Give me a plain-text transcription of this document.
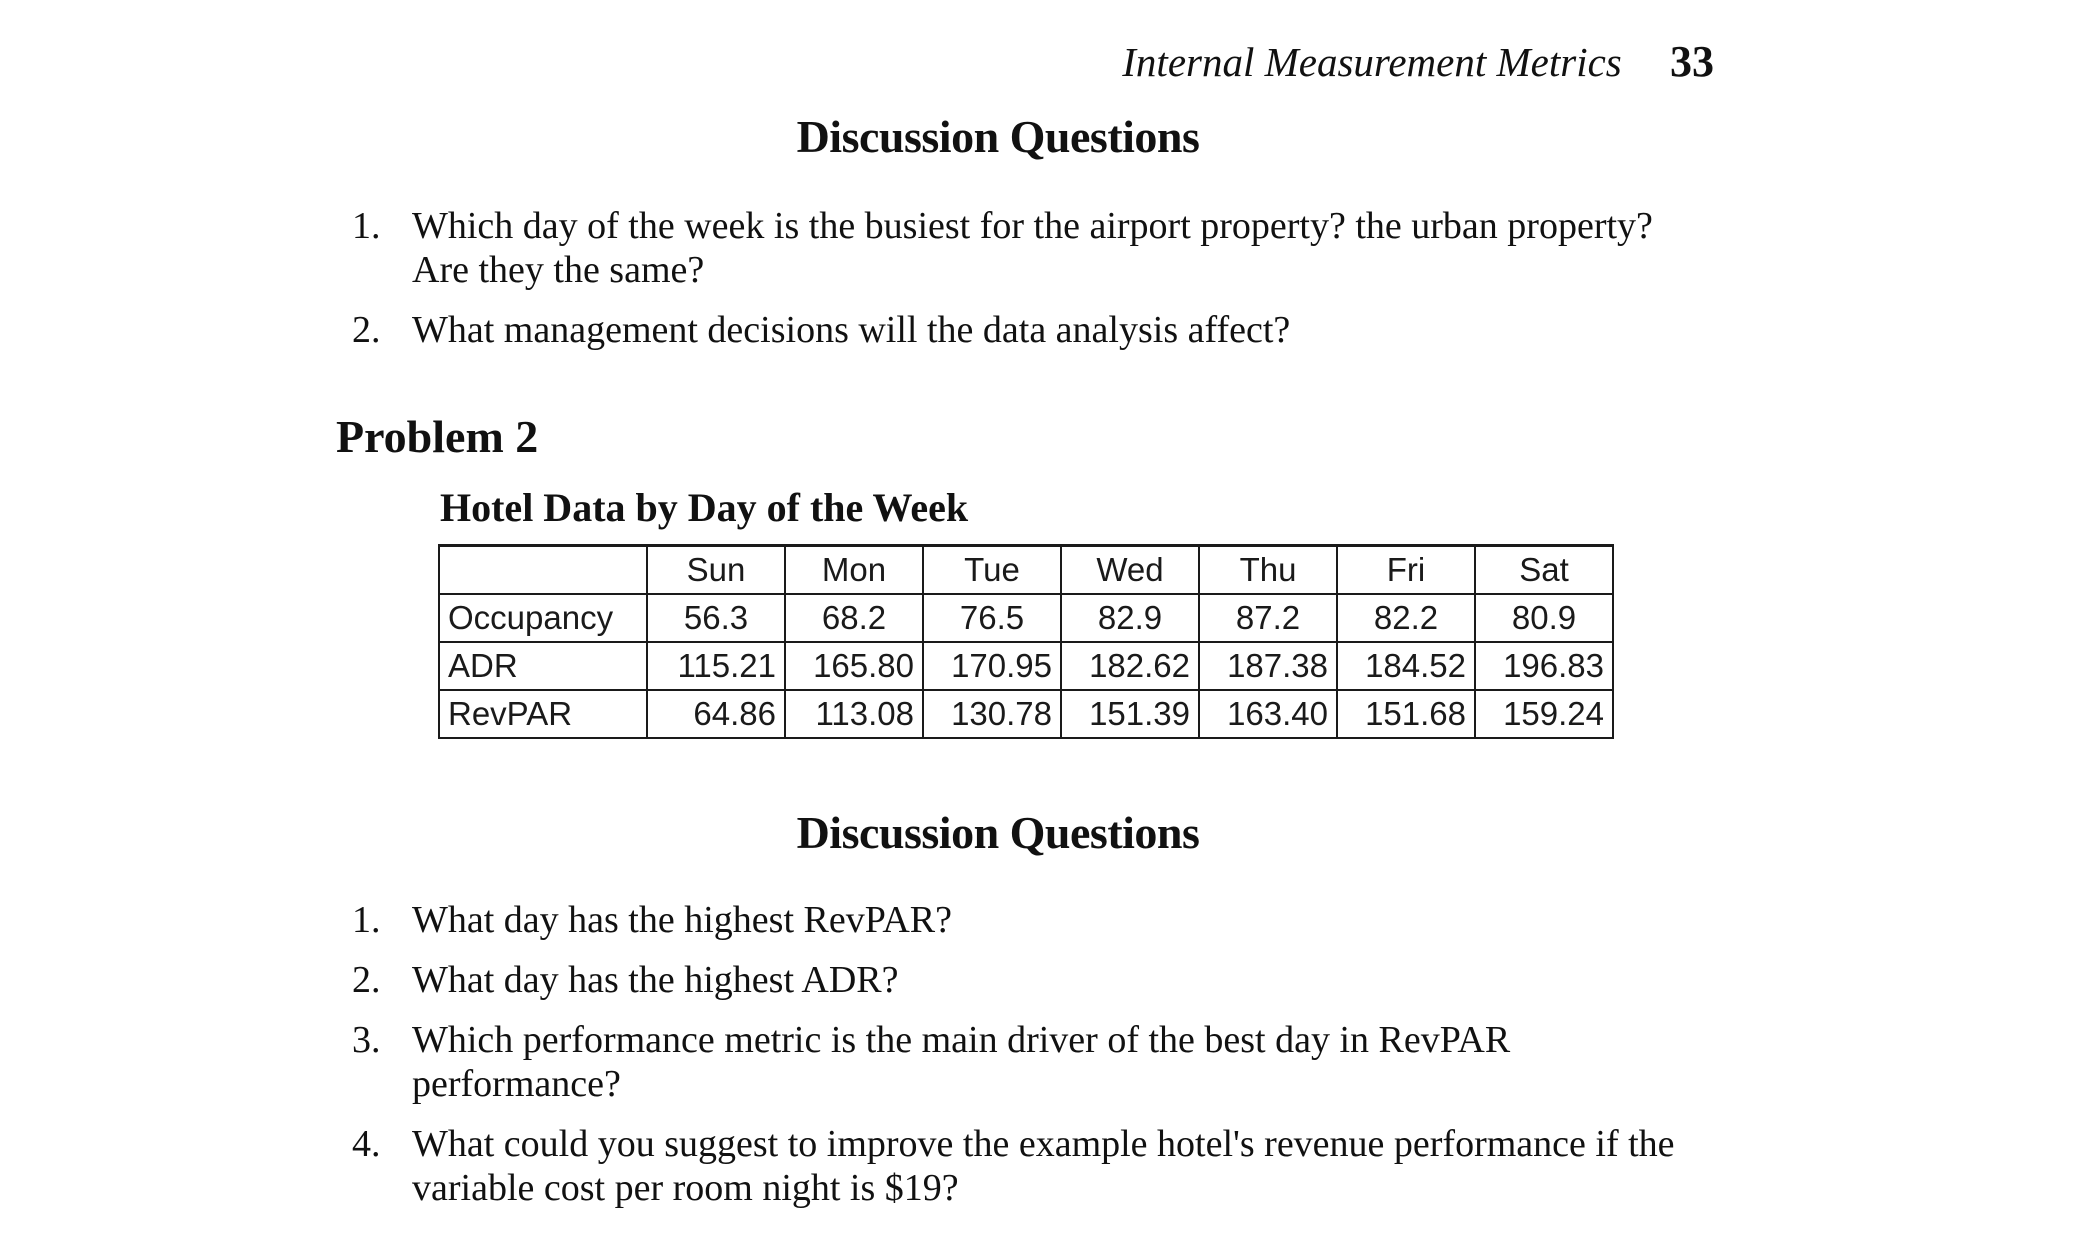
Internal Measurement Metrics 33
Discussion Questions
1. Which day of the week is the busiest for the airport property? the urban property? Are they the same?
2. What management decisions will the data analysis affect?
Problem 2
Hotel Data by Day of the Week
	Sun	Mon	Tue	Wed	Thu	Fri	Sat
Occupancy	56.3	68.2	76.5	82.9	87.2	82.2	80.9
ADR	115.21	165.80	170.95	182.62	187.38	184.52	196.83
RevPAR	64.86	113.08	130.78	151.39	163.40	151.68	159.24
Discussion Questions
1. What day has the highest RevPAR?
2. What day has the highest ADR?
3. Which performance metric is the main driver of the best day in RevPAR performance?
4. What could you suggest to improve the example hotel's revenue performance if the variable cost per room night is $19?
